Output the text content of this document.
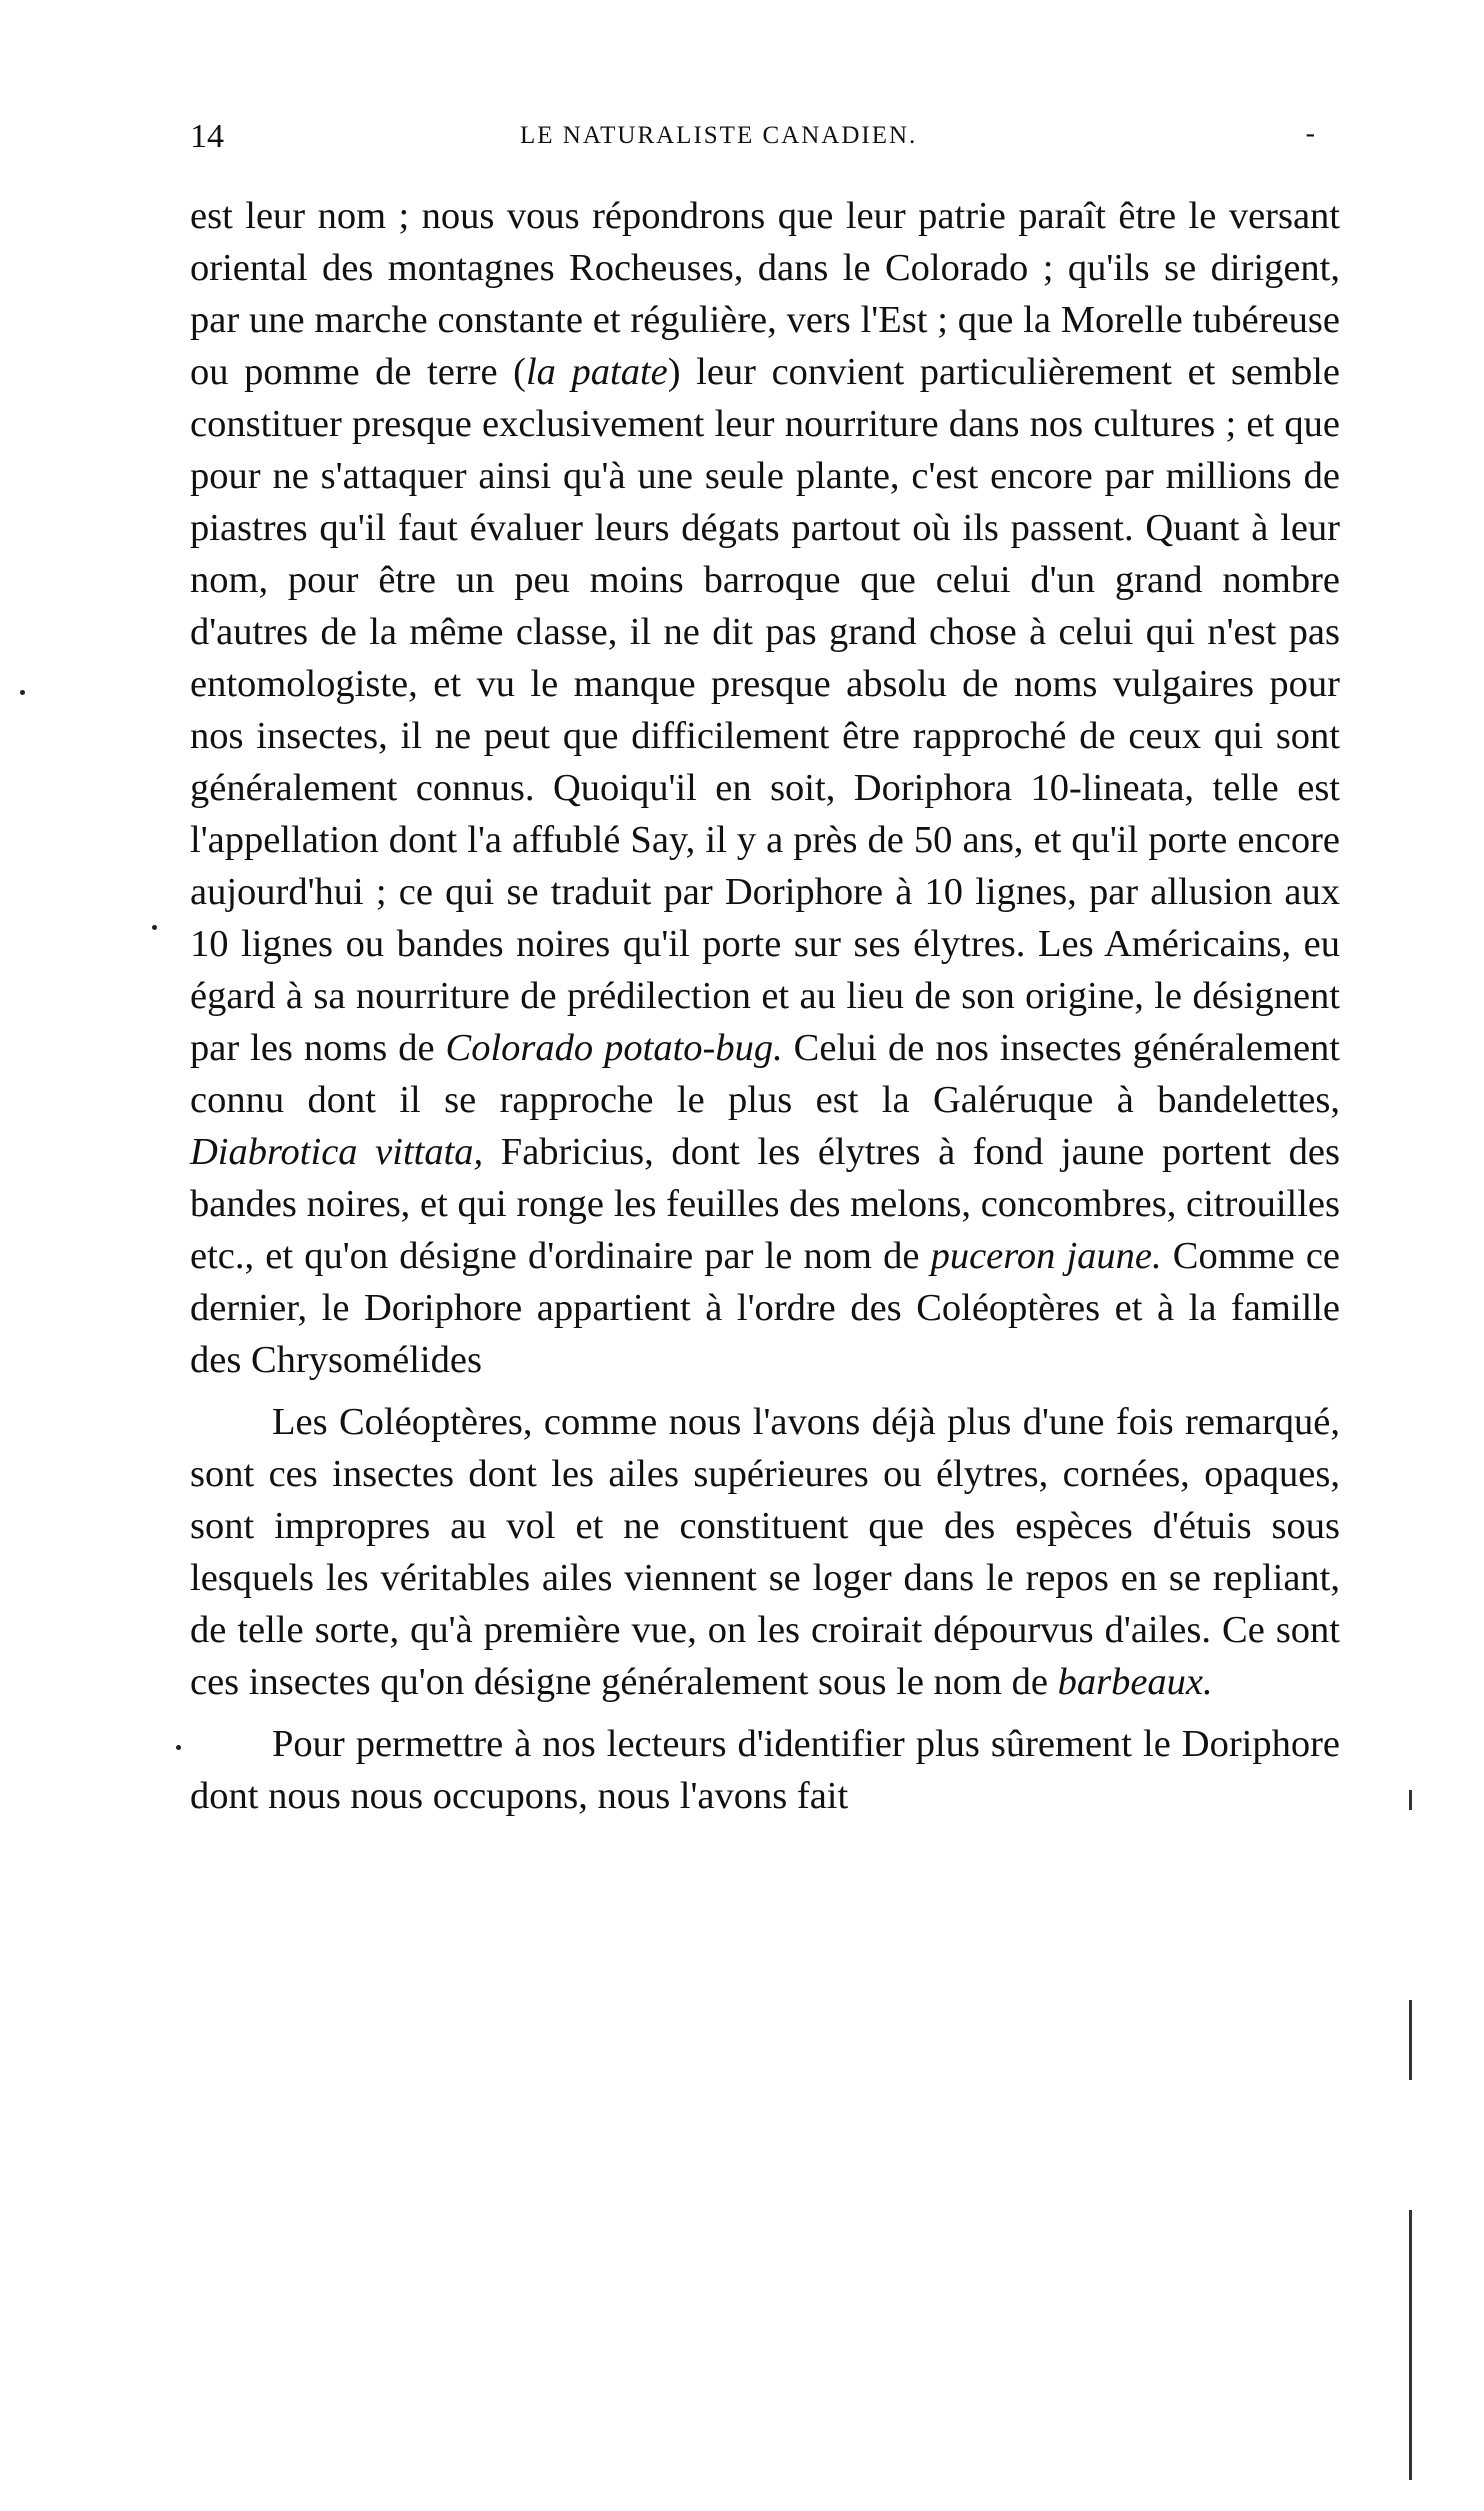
14	LE NATURALISTE CANADIEN.	-

est leur nom ; nous vous répondrons que leur patrie paraît être le versant oriental des montagnes Rocheuses, dans le Colorado ; qu'ils se dirigent, par une marche constante et régulière, vers l'Est ; que la Morelle tubéreuse ou pomme de terre (la patate) leur convient particulièrement et semble constituer presque exclusivement leur nourriture dans nos cultures ; et que pour ne s'attaquer ainsi qu'à une seule plante, c'est encore par millions de piastres qu'il faut évaluer leurs dégats partout où ils passent. Quant à leur nom, pour être un peu moins barroque que celui d'un grand nombre d'autres de la même classe, il ne dit pas grand chose à celui qui n'est pas entomologiste, et vu le manque presque absolu de noms vulgaires pour nos insectes, il ne peut que difficilement être rapproché de ceux qui sont généralement connus. Quoiqu'il en soit, Doriphora 10-lineata, telle est l'appellation dont l'a affublé Say, il y a près de 50 ans, et qu'il porte encore aujourd'hui ; ce qui se traduit par Doriphore à 10 lignes, par allusion aux 10 lignes ou bandes noires qu'il porte sur ses élytres. Les Américains, eu égard à sa nourriture de prédilection et au lieu de son origine, le désignent par les noms de Colorado potato-bug. Celui de nos insectes généralement connu dont il se rapproche le plus est la Galéruque à bandelettes, Diabrotica vittata, Fabricius, dont les élytres à fond jaune portent des bandes noires, et qui ronge les feuilles des melons, concombres, citrouilles etc., et qu'on désigne d'ordinaire par le nom de puceron jaune. Comme ce dernier, le Doriphore appartient à l'ordre des Coléoptères et à la famille des Chrysomélides

Les Coléoptères, comme nous l'avons déjà plus d'une fois remarqué, sont ces insectes dont les ailes supérieures ou élytres, cornées, opaques, sont impropres au vol et ne constituent que des espèces d'étuis sous lesquels les véritables ailes viennent se loger dans le repos en se repliant, de telle sorte, qu'à première vue, on les croirait dépourvus d'ailes. Ce sont ces insectes qu'on désigne généralement sous le nom de barbeaux.

Pour permettre à nos lecteurs d'identifier plus sûrement le Doriphore dont nous nous occupons, nous l'avons fait
